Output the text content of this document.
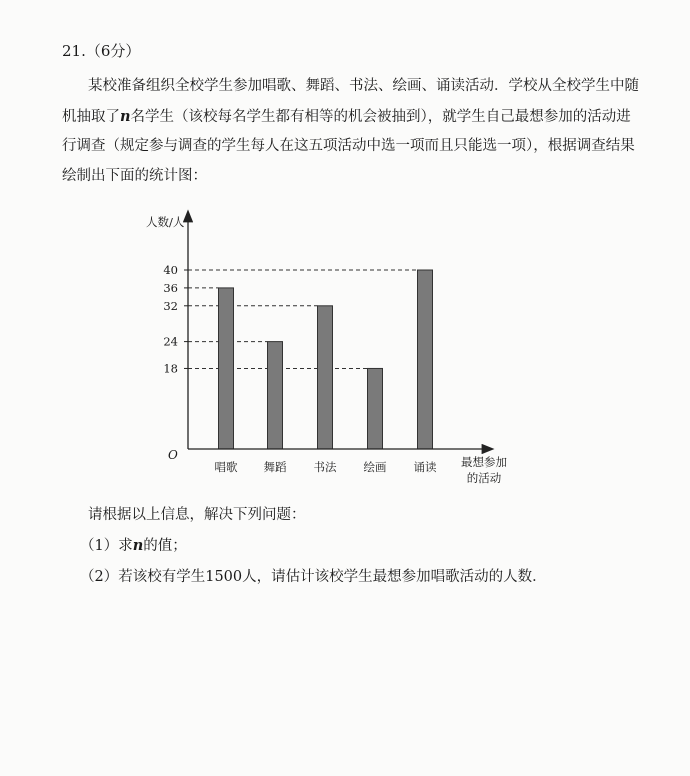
21.（6分）
某校准备组织全校学生参加唱歌、舞蹈、书法、绘画、诵读活动．学校从全校学生中随
机抽取了n名学生（该校每名学生都有相等的机会被抽到），就学生自己最想参加的活动进
行调查（规定参与调查的学生每人在这五项活动中选一项而且只能选一项），根据调查结果
绘制出下面的统计图：
唱歌 舞蹈 书法 绘画 诵读
18
24
32
36
40
人数/人
O	最想参加
的活动
请根据以上信息，解决下列问题：
（1）求n的值；
（2）若该校有学生1500人，请估计该校学生最想参加唱歌活动的人数．
